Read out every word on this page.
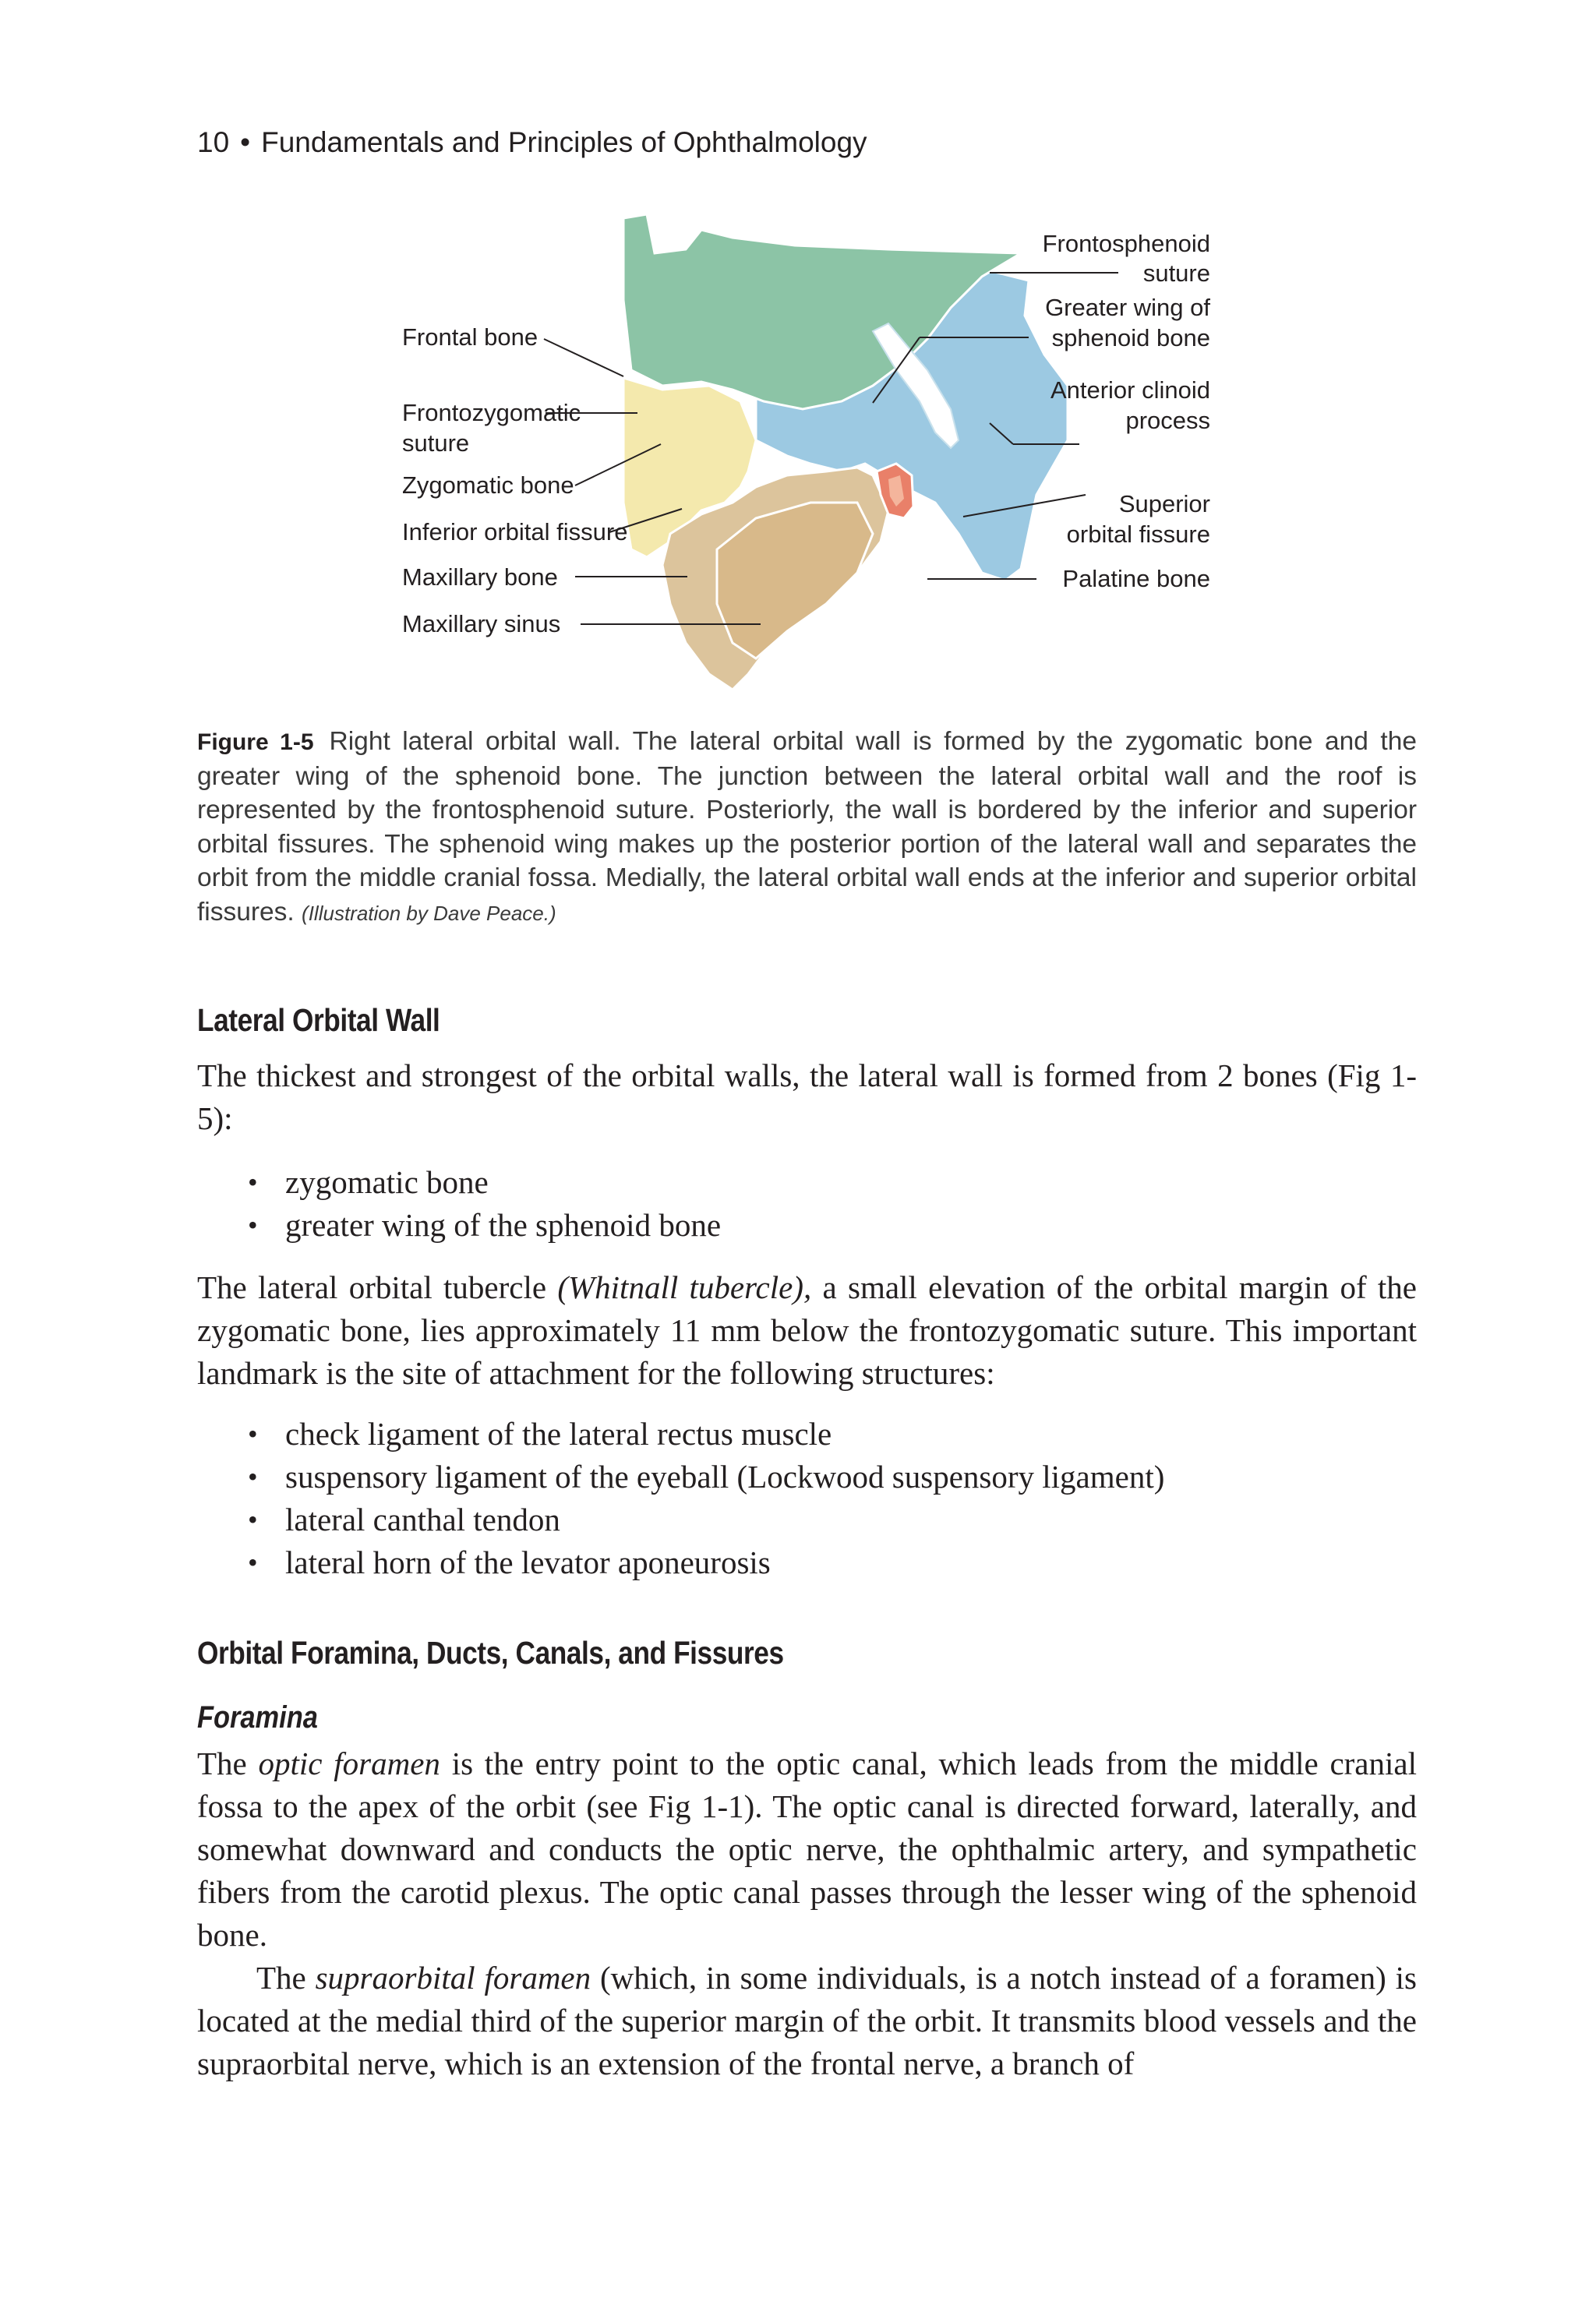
10 • Fundamentals and Principles of Ophthalmology
Frontal bone
Frontozygomatic
suture
Zygomatic bone
Inferior orbital fissure
Maxillary bone
Maxillary sinus
Frontosphenoid
suture
Greater wing of
sphenoid bone
Anterior clinoid
process
Superior
orbital fissure
Palatine bone
Figure 1-5 Right lateral orbital wall. The lateral orbital wall is formed by the zygomatic bone and the greater wing of the sphenoid bone. The junction between the lateral orbital wall and the roof is represented by the frontosphenoid suture. Posteriorly, the wall is bordered by the inferior and superior orbital fissures. The sphenoid wing makes up the posterior portion of the lateral wall and separates the orbit from the middle cranial fossa. Medially, the lateral orbital wall ends at the inferior and superior orbital fissures. (Illustration by Dave Peace.)
Lateral Orbital Wall
The thickest and strongest of the orbital walls, the lateral wall is formed from 2 bones (Fig 1-5):
• zygomatic bone
• greater wing of the sphenoid bone
The lateral orbital tubercle (Whitnall tubercle), a small elevation of the orbital margin of the zygomatic bone, lies approximately 11 mm below the frontozygomatic suture. This important landmark is the site of attachment for the following structures:
• check ligament of the lateral rectus muscle
• suspensory ligament of the eyeball (Lockwood suspensory ligament)
• lateral canthal tendon
• lateral horn of the levator aponeurosis
Orbital Foramina, Ducts, Canals, and Fissures
Foramina
The optic foramen is the entry point to the optic canal, which leads from the middle cranial fossa to the apex of the orbit (see Fig 1-1). The optic canal is directed forward, laterally, and somewhat downward and conducts the optic nerve, the ophthalmic artery, and sympathetic fibers from the carotid plexus. The optic canal passes through the lesser wing of the sphenoid bone.
The supraorbital foramen (which, in some individuals, is a notch instead of a foramen) is located at the medial third of the superior margin of the orbit. It transmits blood vessels and the supraorbital nerve, which is an extension of the frontal nerve, a branch of
